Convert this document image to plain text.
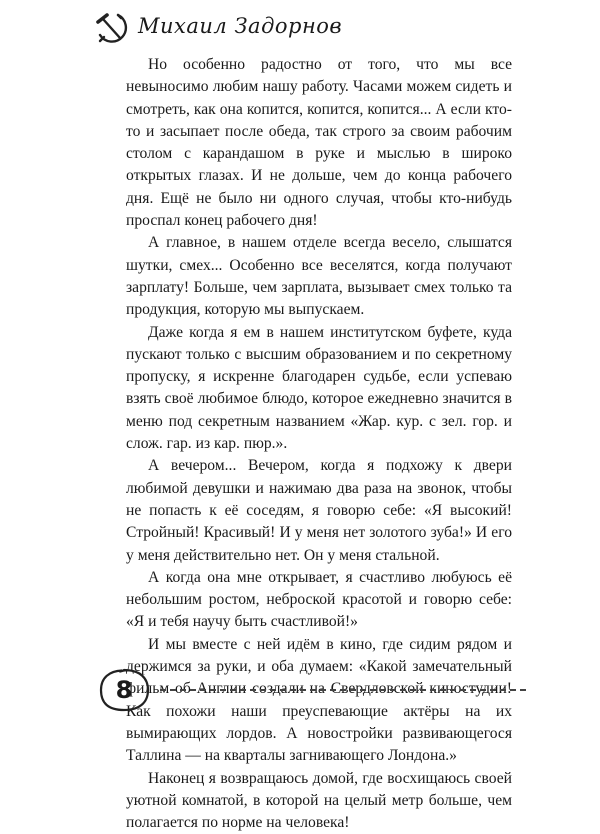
Михаил Задорнов

Но особенно радостно от того, что мы все невыносимо любим нашу работу. Часами можем сидеть и смотреть, как она копится, копится, копится... А если кто-то и засыпает после обеда, так строго за своим рабочим столом с карандашом в руке и мыслью в широко открытых глазах. И не дольше, чем до конца рабочего дня. Ещё не было ни одного случая, чтобы кто-нибудь проспал конец рабочего дня!

А главное, в нашем отделе всегда весело, слышатся шутки, смех... Особенно все веселятся, когда получают зарплату! Больше, чем зарплата, вызывает смех только та продукция, которую мы выпускаем.

Даже когда я ем в нашем институтском буфете, куда пускают только с высшим образованием и по секретному пропуску, я искренне благодарен судьбе, если успеваю взять своё любимое блюдо, которое ежедневно значится в меню под секретным названием «Жар. кур. с зел. гор. и слож. гар. из кар. пюр.».

А вечером... Вечером, когда я подхожу к двери любимой девушки и нажимаю два раза на звонок, чтобы не попасть к её соседям, я говорю себе: «Я высокий! Стройный! Красивый! И у меня нет золотого зуба!» И его у меня действительно нет. Он у меня стальной.

А когда она мне открывает, я счастливо любуюсь её небольшим ростом, неброской красотой и говорю себе: «Я и тебя научу быть счастливой!»

И мы вместе с ней идём в кино, где сидим рядом и держимся за руки, и оба думаем: «Какой замечательный фильм об Англии создали на Свердловской киностудии! Как похожи наши преуспевающие актёры на их вымирающих лордов. А новостройки развивающегося Таллина — на кварталы загнивающего Лондона.»

Наконец я возвращаюсь домой, где восхищаюсь своей уютной комнатой, в которой на целый метр больше, чем полагается по норме на человека!

8
